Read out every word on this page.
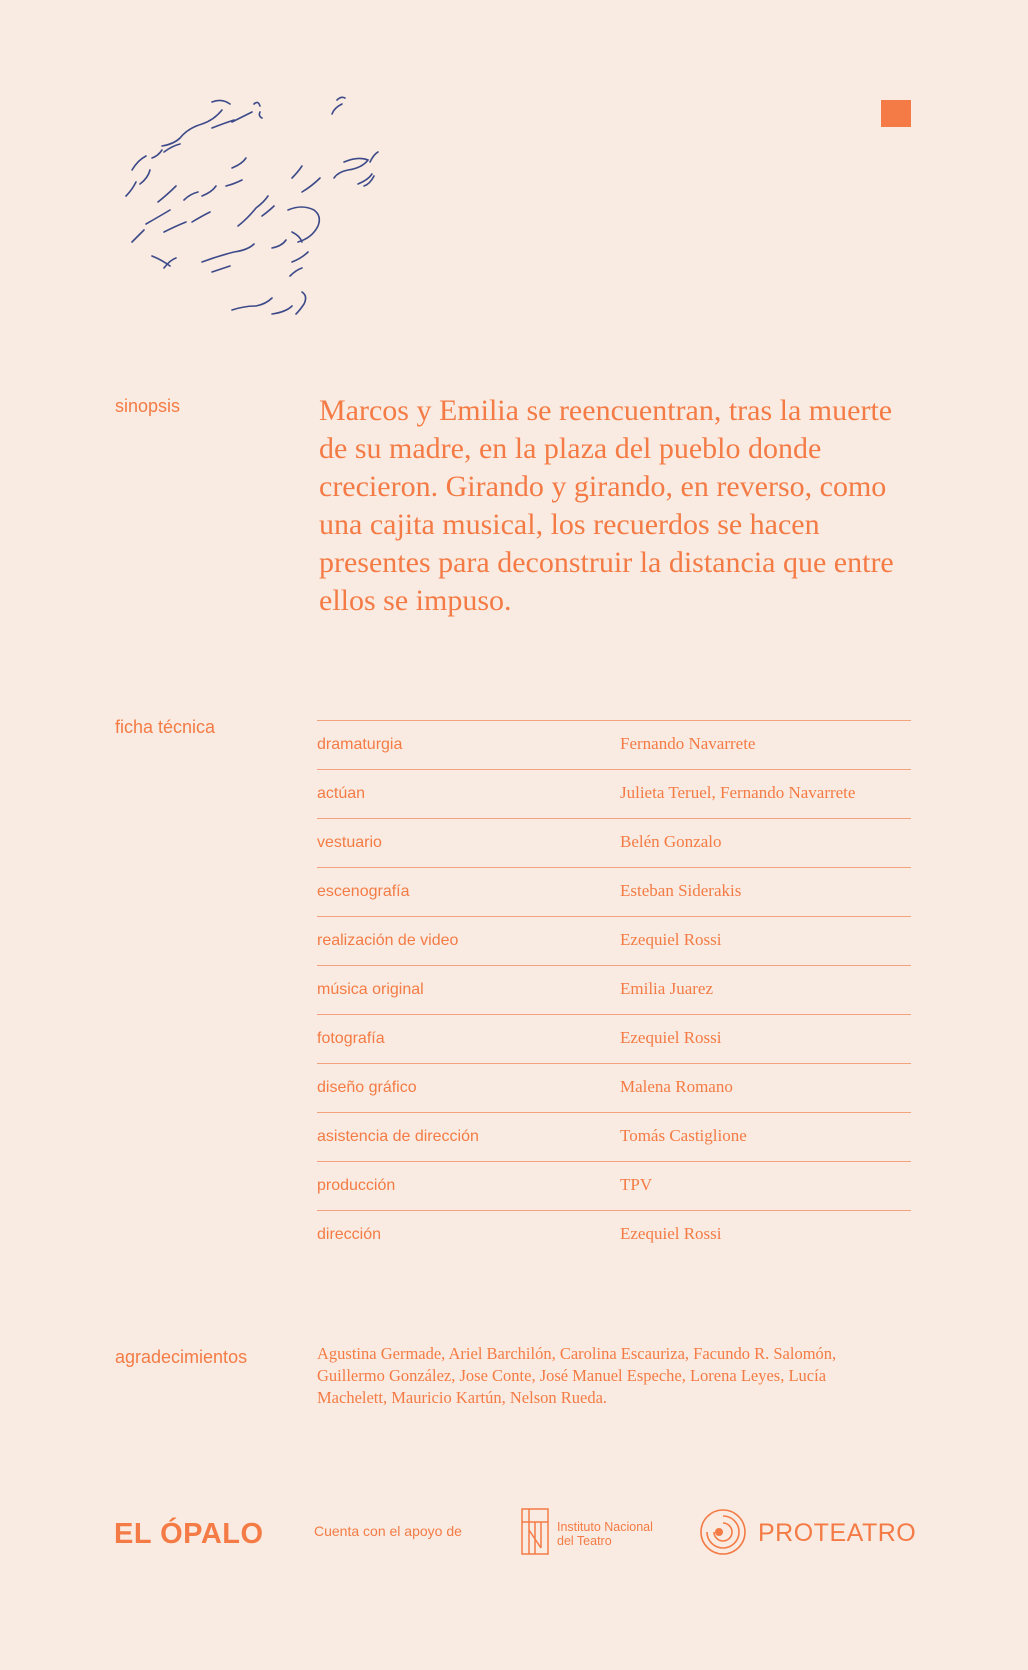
sinopsis	Marcos y Emilia se reencuentran, tras la muerte de su madre, en la plaza del pueblo donde crecieron. Girando y girando, en reverso, como una cajita musical, los recuerdos se hacen presentes para deconstruir la distancia que entre ellos se impuso.

ficha técnica
dramaturgia	Fernando Navarrete
actúan	Julieta Teruel, Fernando Navarrete
vestuario	Belén Gonzalo
escenografía	Esteban Siderakis
realización de video	Ezequiel Rossi
música original	Emilia Juarez
fotografía	Ezequiel Rossi
diseño gráfico	Malena Romano
asistencia de dirección	Tomás Castiglione
producción	TPV
dirección	Ezequiel Rossi
agradecimientos	Agustina Germade, Ariel Barchilón, Carolina Escauriza, Facundo R. Salomón, Guillermo González, Jose Conte, José Manuel Espeche, Lorena Leyes, Lucía Machelett, Mauricio Kartún, Nelson Rueda.

EL ÓPALO	Cuenta con el apoyo de	Instituto Nacional
del Teatro	PROTEATRO
